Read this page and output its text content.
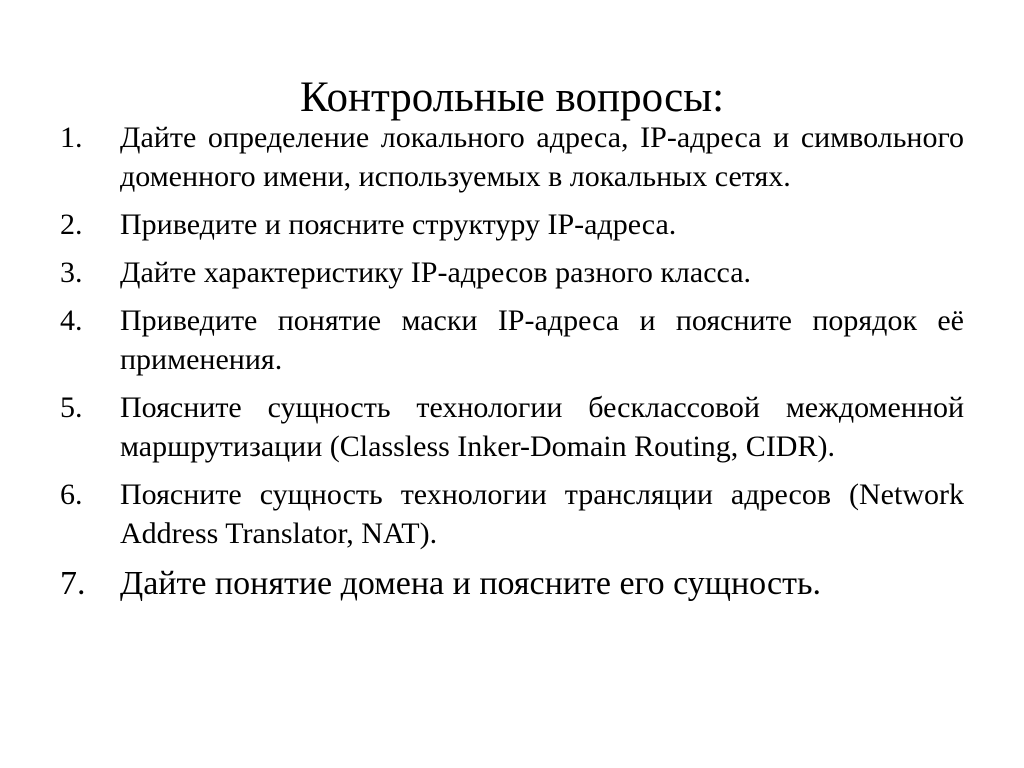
Контрольные вопросы:
1.	Дайте определение локального адреса, IP-адреса и символьного доменного имени, используемых в локальных сетях.
2.	Приведите и поясните структуру IP-адреса.
3.	Дайте характеристику IP-адресов разного класса.
4.	Приведите понятие маски IP-адреса и поясните порядок её применения.
5.	Поясните сущность технологии бесклассовой междоменной маршрутизации (Classless Inker-Domain Routing, CIDR).
6.	Поясните сущность технологии трансляции адресов (Network Address Translator, NAT).
7.	Дайте понятие домена и поясните его сущность.
